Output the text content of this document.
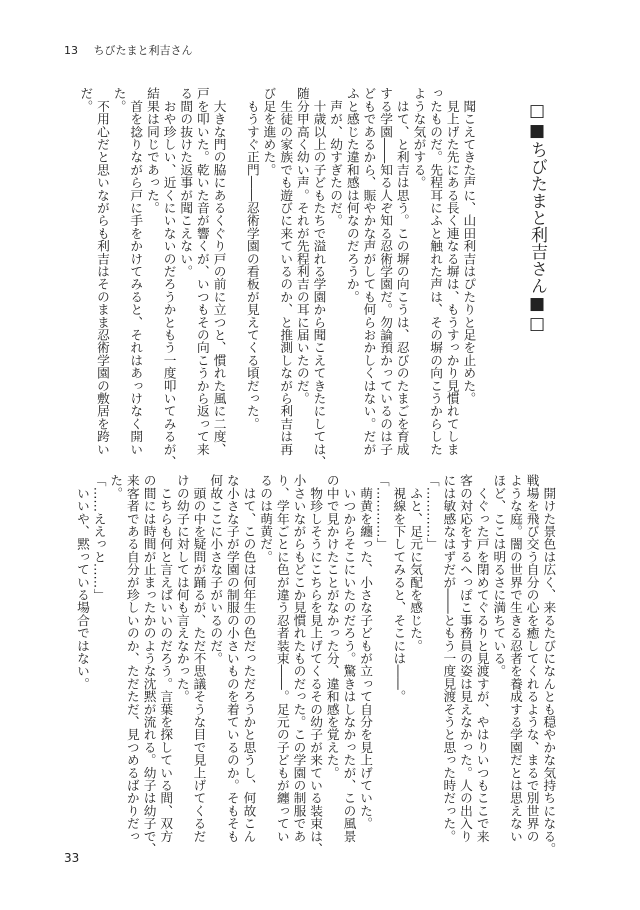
13 ちびたまと利吉さん
□■ちびたまと利吉さん■□
　聞こえてきた声に、山田利吉はぴたりと足を止めた。
　見上げた先にある長く連なる塀は、もうすっかり見慣れてしま
ったものだ。先程耳にふと触れた声は、その塀の向こうからした
ような気がする。
　はて、と利吉は思う。この塀の向こうは、忍びのたまごを育成
する学園――知る人ぞ知る忍術学園だ。勿論預かっているのは子
どもであるから、賑やかな声がしても何らおかしくはない。だが
ふと感じた違和感は何なのだろうか。
　声が、幼すぎたのだ。
　十歳以上の子どもたちで溢れる学園から聞こえてきたにしては、
随分甲高く幼い声。それが先程利吉の耳に届いたのだ。
　生徒の家族でも遊びに来ているのか、と推測しながら利吉は再
び足を進めた。
　もうすぐ正門――忍術学園の看板が見えてくる頃だった。
　大きな門の脇にあるくぐり戸の前に立つと、慣れた風に二度、
戸を叩いた。乾いた音が響くが、いつもその向こうから返って来
る間の抜けた返事が聞こえない。
　おや珍しい、近くにいないのだろうかともう一度叩いてみるが、
結果は同じであった。
　首を捻りながら戸に手をかけてみると、それはあっけなく開い
た。
　不用心だと思いながらも利吉はそのまま忍術学園の敷居を跨い
だ。
　開けた景色は広く、来るたびになんとも穏やかな気持ちになる。
戦場を飛び交う自分の心を癒してくれるような、まるで別世界の
ような庭。闇の世界で生きる忍者を養成する学園だとは思えない
ほど、ここは明るさに満ちている。
　くぐった戸を閉めてぐるりと見渡すが、やはりいつもここで来
客の対応をするへっぽこ事務員の姿は見えなかった。人の出入り
には敏感なはずだが――ともう一度見渡そうと思った時だった。
「…………」
　ふと、足元に気配を感じた。
　視線を下してみると、そこには――。
「…………」
　萌黄を纏った、小さな子どもが立って自分を見上げていた。
　いつからそこにいたのだろう。驚きはしなかったが、この風景
の中で見かけたことがなかった分、違和感を覚えた。
　物珍しそうにこちらを見上げてくるその幼子が来ている装束は、
小さいながらもどこか見慣れたものだった。この学園の制服であ
り、学年ごとに色が違う忍者装束――。足元の子どもが纏ってい
るのは萌黄だ。
　はて、この色は何年生の色だっただろうかと思うし、何故こん
な小さな子が学園の制服の小さいものを着ているのか。そもそも
何故ここに小さな子がいるのだ。
　頭の中を疑問が踊るが、ただ不思議そうな目で見上げてくるだ
けの幼子に対しては何も言えなかった。
　こちらも何と言えばいいのだろう。言葉を探している間、双方
の間には時間が止まったかのような沈黙が流れる。幼子は幼子で、
来客者である自分が珍しいのか、ただただ、見つめるばかりだっ
た。
「……ええっと……」
　いいや、黙っている場合ではない。
33
